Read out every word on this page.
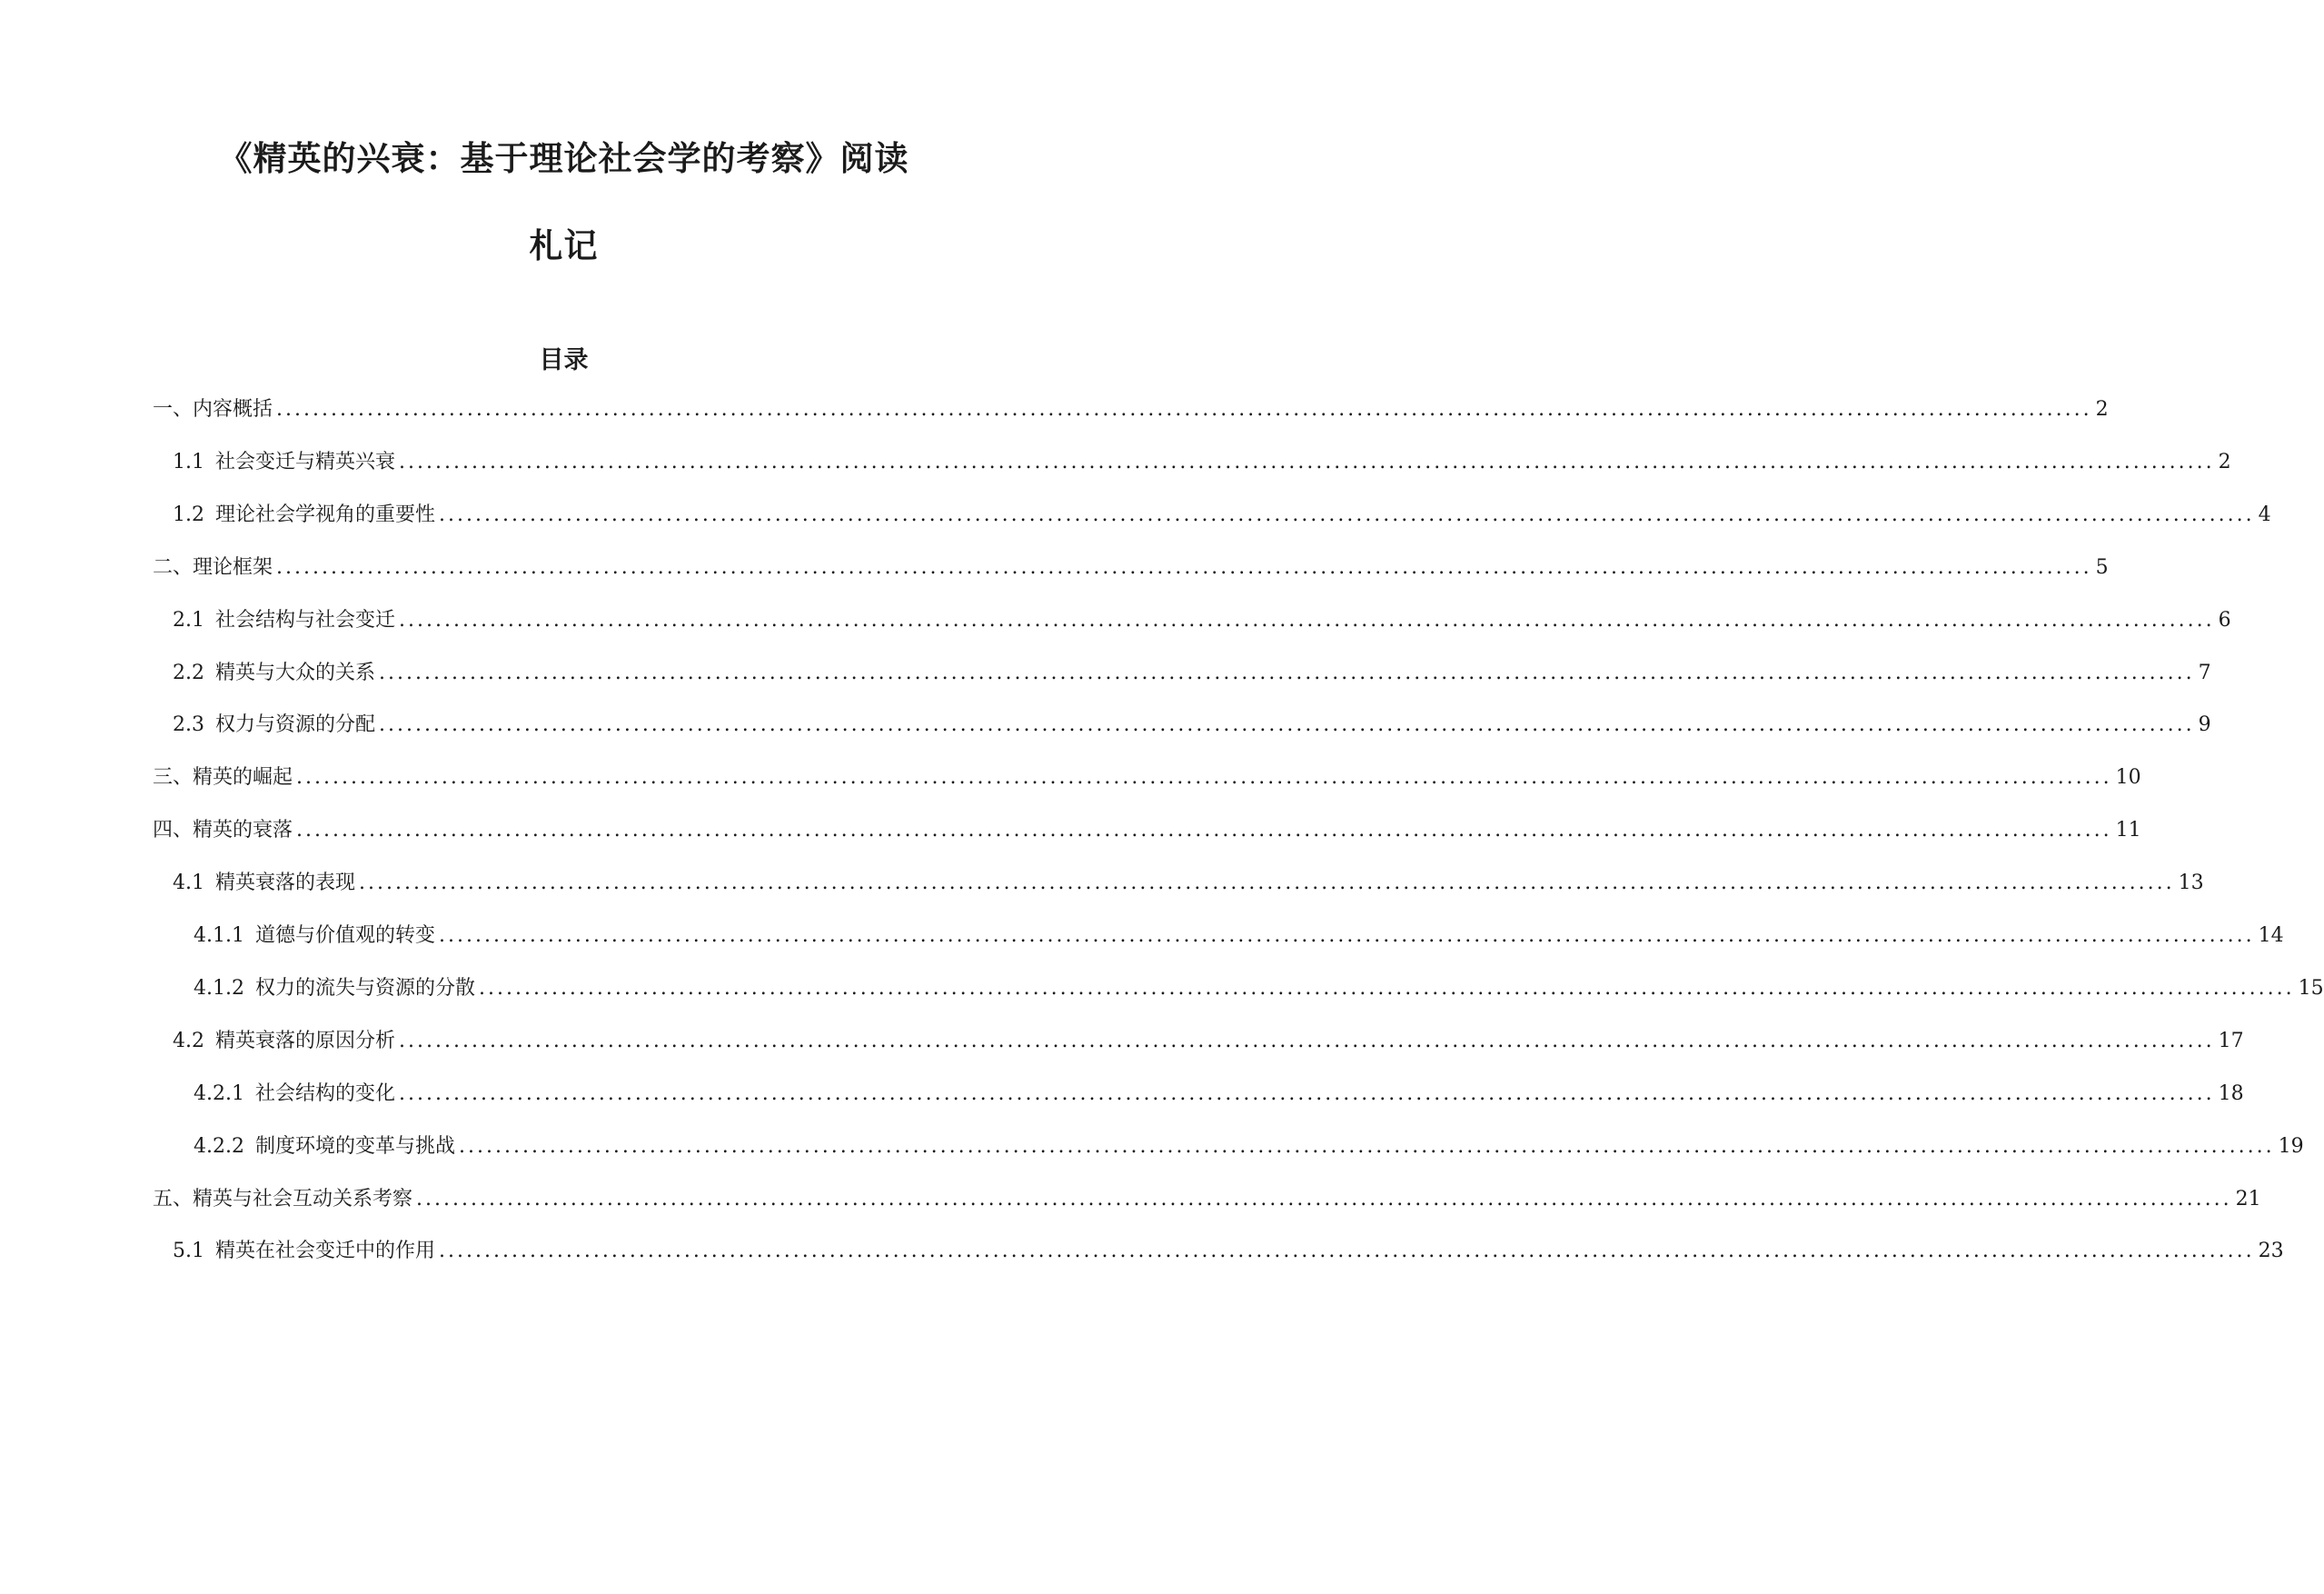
《精英的兴衰：基于理论社会学的考察》阅读
札记
目录
一、内容概括 ........................................................................................................................................................................................................ 2
1.1 社会变迁与精英兴衰 ........................................................................................................................................................................................................ 2
1.2 理论社会学视角的重要性 ........................................................................................................................................................................................................ 4
二、理论框架 ........................................................................................................................................................................................................ 5
2.1 社会结构与社会变迁 ........................................................................................................................................................................................................ 6
2.2 精英与大众的关系 ........................................................................................................................................................................................................ 7
2.3 权力与资源的分配 ........................................................................................................................................................................................................ 9
三、精英的崛起 ........................................................................................................................................................................................................ 10
四、精英的衰落 ........................................................................................................................................................................................................ 11
4.1 精英衰落的表现 ........................................................................................................................................................................................................ 13
4.1.1 道德与价值观的转变 ........................................................................................................................................................................................................ 14
4.1.2 权力的流失与资源的分散 ........................................................................................................................................................................................................ 15
4.2 精英衰落的原因分析 ........................................................................................................................................................................................................ 17
4.2.1 社会结构的变化 ........................................................................................................................................................................................................ 18
4.2.2 制度环境的变革与挑战 ........................................................................................................................................................................................................ 19
五、精英与社会互动关系考察 ........................................................................................................................................................................................................ 21
5.1 精英在社会变迁中的作用 ........................................................................................................................................................................................................ 23
